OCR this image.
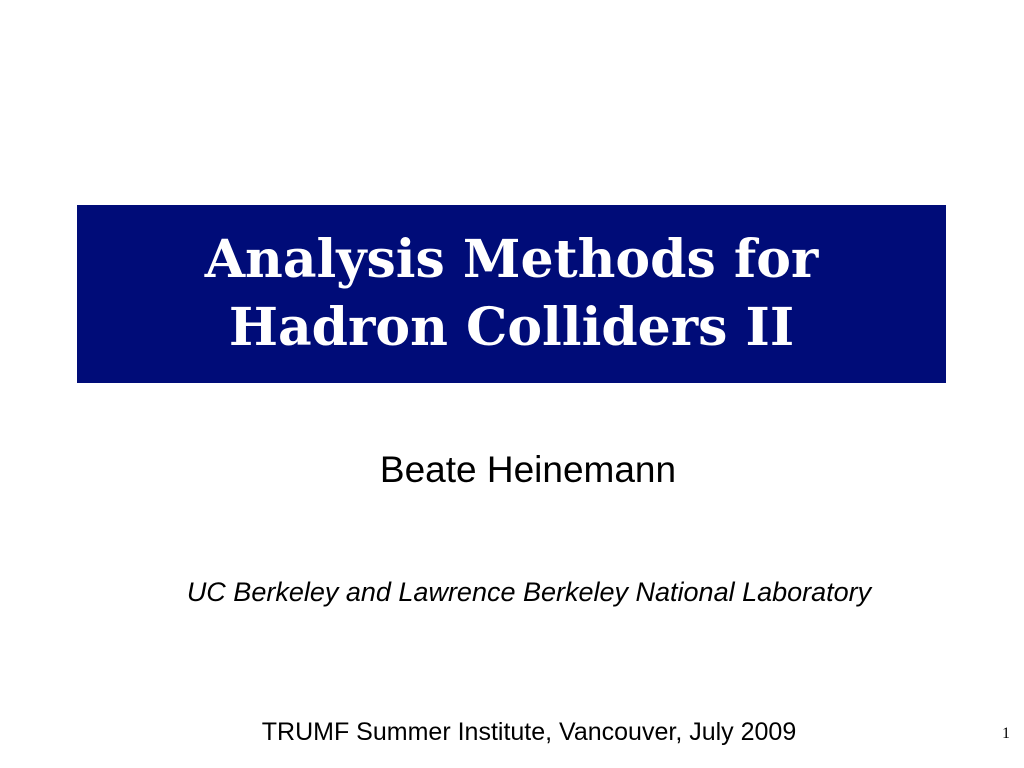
Analysis Methods for
Hadron Colliders II
Beate Heinemann
UC Berkeley and Lawrence Berkeley National Laboratory
TRUMF Summer Institute, Vancouver, July 2009	1
